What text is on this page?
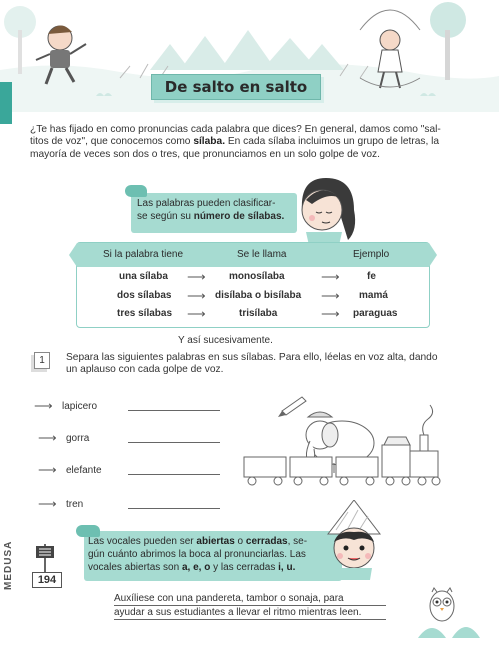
De salto en salto
¿Te has fijado en como pronuncias cada palabra que dices? En general, damos como "sal-
titos de voz", que conocemos como sílaba. En cada sílaba incluimos un grupo de letras, la
mayoría de veces son dos o tres, que pronunciamos en un solo golpe de voz.
Las palabras pueden clasificar-
se según su número de sílabas.
Si la palabra tiene	Se le llama	Ejemplo
una sílaba ⟶ monosílaba	⟶	fe
dos sílabas ⟶ disílaba o bisílaba ⟶ mamá
tres sílabas ⟶	trisílaba	⟶ paraguas
Y así sucesivamente.
1	Separa las siguientes palabras en sus sílabas. Para ello, léelas en voz alta, dando
un aplauso con cada golpe de voz.
⟶ lapicero
⟶ gorra
⟶ elefante
⟶ tren
Las vocales pueden ser abiertas o cerradas, se-
gún cuánto abrimos la boca al pronunciarlas. Las
vocales abiertas son a, e, o y las cerradas i, u.
Auxíliese con una pandereta, tambor o sonaja, para
ayudar a sus estudiantes a llevar el ritmo mientras leen.
MEDUSA	194
